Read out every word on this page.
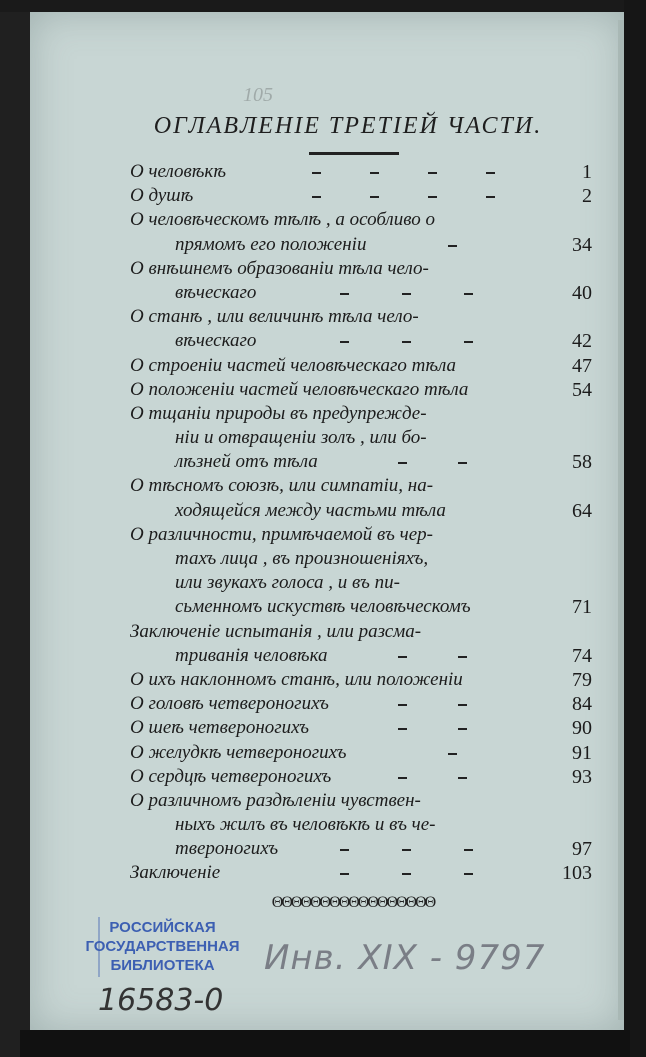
105
ОГЛАВЛЕНIЕ ТРЕТIЕЙ ЧАСТИ.
О человѣкѣ	1
О душѣ	2
О человѣческомъ тѣлѣ , а особливо о
прямомъ его положенiи	34
О внѣшнемъ образованiи тѣла чело-
вѣческаго	40
О станѣ , или величинѣ тѣла чело-
вѣческаго	42
О строенiи частей человѣческаго тѣла	47
О положенiи частей человѣческаго тѣла	54
О тщанiи природы въ предупрежде-
нiи и отвращенiи золъ , или бо-
лѣзней отъ тѣла	58
О тѣсномъ союзѣ, или симпатiи, на-
ходящейся между частьми тѣла	64
О различности, примѣчаемой въ чер-
тахъ лица , въ произношенiяхъ,
или звукахъ голоса , и въ пи-
сьменномъ искуствѣ человѣческомъ	71
Заключенiе испытанiя , или разсма-
триванiя человѣка	74
О ихъ наклонномъ станѣ, или положенiи	79
О головѣ четвероногихъ	84
О шеѣ четвероногихъ	90
О желудкѣ четвероногихъ	91
О сердцѣ четвероногихъ	93
О различномъ раздѣленiи чувствен-
ныхъ жилъ въ человѣкѣ и въ че-
твероногихъ	97
Заключенiе	103
ΘΘΘΘΘΘΘΘΘΘΘΘΘΘΘΘΘ
РОССИЙСКАЯ
ГОСУДАРСТВЕННАЯ
БИБЛИОТЕКА	Инв. XIX - 9797
16583-0
